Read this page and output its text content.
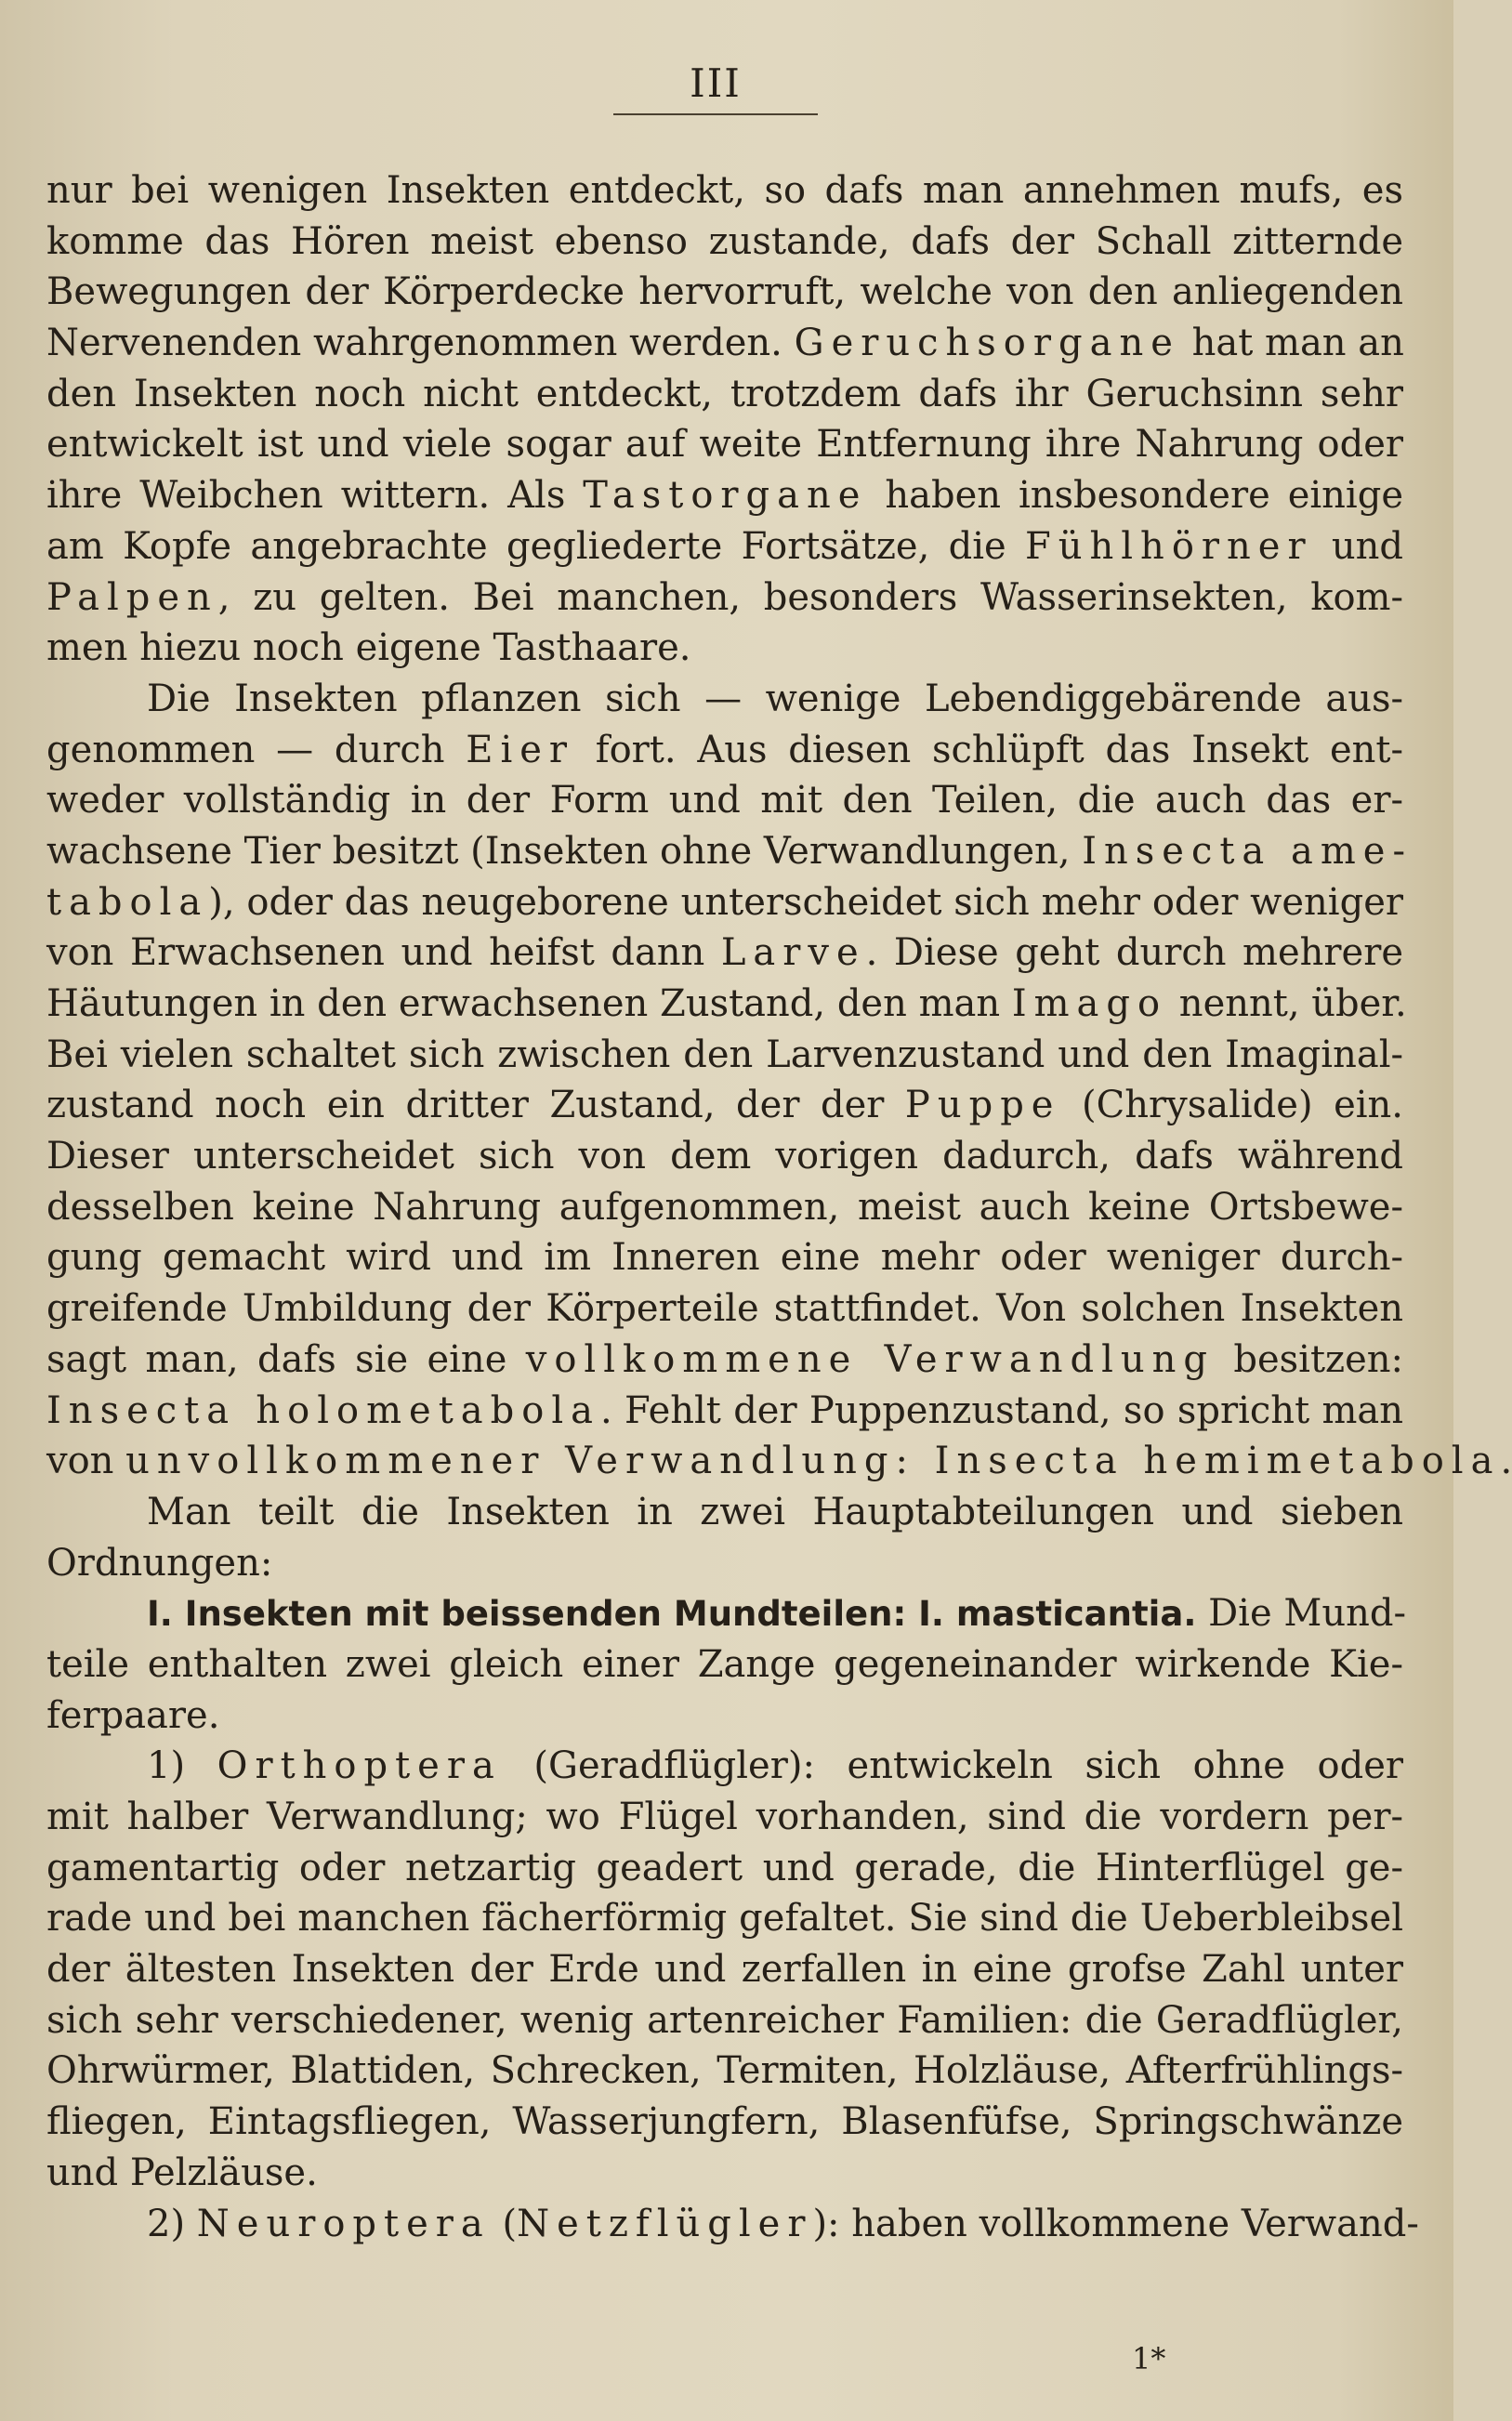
III
nur bei wenigen Insekten entdeckt, so dafs man annehmen mufs, es
komme das Hören meist ebenso zustande, dafs der Schall zitternde
Bewegungen der Körperdecke hervorruft, welche von den anliegenden
Nervenenden wahrgenommen werden. Geruchsorgane hat man an
den Insekten noch nicht entdeckt, trotzdem dafs ihr Geruchsinn sehr
entwickelt ist und viele sogar auf weite Entfernung ihre Nahrung oder
ihre Weibchen wittern. Als Tastorgane haben insbesondere einige
am Kopfe angebrachte gegliederte Fortsätze, die Fühlhörner und
Palpen, zu gelten. Bei manchen, besonders Wasserinsekten, kom-
men hiezu noch eigene Tasthaare.
Die Insekten pflanzen sich — wenige Lebendiggebärende aus-
genommen — durch Eier fort. Aus diesen schlüpft das Insekt ent-
weder vollständig in der Form und mit den Teilen, die auch das er-
wachsene Tier besitzt (Insekten ohne Verwandlungen, Insecta ame-
tabola), oder das neugeborene unterscheidet sich mehr oder weniger
von Erwachsenen und heifst dann Larve. Diese geht durch mehrere
Häutungen in den erwachsenen Zustand, den man Imago nennt, über.
Bei vielen schaltet sich zwischen den Larvenzustand und den Imaginal-
zustand noch ein dritter Zustand, der der Puppe (Chrysalide) ein.
Dieser unterscheidet sich von dem vorigen dadurch, dafs während
desselben keine Nahrung aufgenommen, meist auch keine Ortsbewe-
gung gemacht wird und im Inneren eine mehr oder weniger durch-
greifende Umbildung der Körperteile stattfindet. Von solchen Insekten
sagt man, dafs sie eine vollkommene Verwandlung besitzen:
Insecta holometabola. Fehlt der Puppenzustand, so spricht man
von unvollkommener Verwandlung: Insecta hemimetabola.
Man teilt die Insekten in zwei Hauptabteilungen und sieben
Ordnungen:
I. Insekten mit beissenden Mundteilen: I. masticantia. Die Mund-
teile enthalten zwei gleich einer Zange gegeneinander wirkende Kie-
ferpaare.
1) Orthoptera (Geradflügler): entwickeln sich ohne oder
mit halber Verwandlung; wo Flügel vorhanden, sind die vordern per-
gamentartig oder netzartig geadert und gerade, die Hinterflügel ge-
rade und bei manchen fächerförmig gefaltet. Sie sind die Ueberbleibsel
der ältesten Insekten der Erde und zerfallen in eine grofse Zahl unter
sich sehr verschiedener, wenig artenreicher Familien: die Geradflügler,
Ohrwürmer, Blattiden, Schrecken, Termiten, Holzläuse, Afterfrühlings-
fliegen, Eintagsfliegen, Wasserjungfern, Blasenfüfse, Springschwänze
und Pelzläuse.
2) Neuroptera (Netzflügler): haben vollkommene Verwand-
1*
